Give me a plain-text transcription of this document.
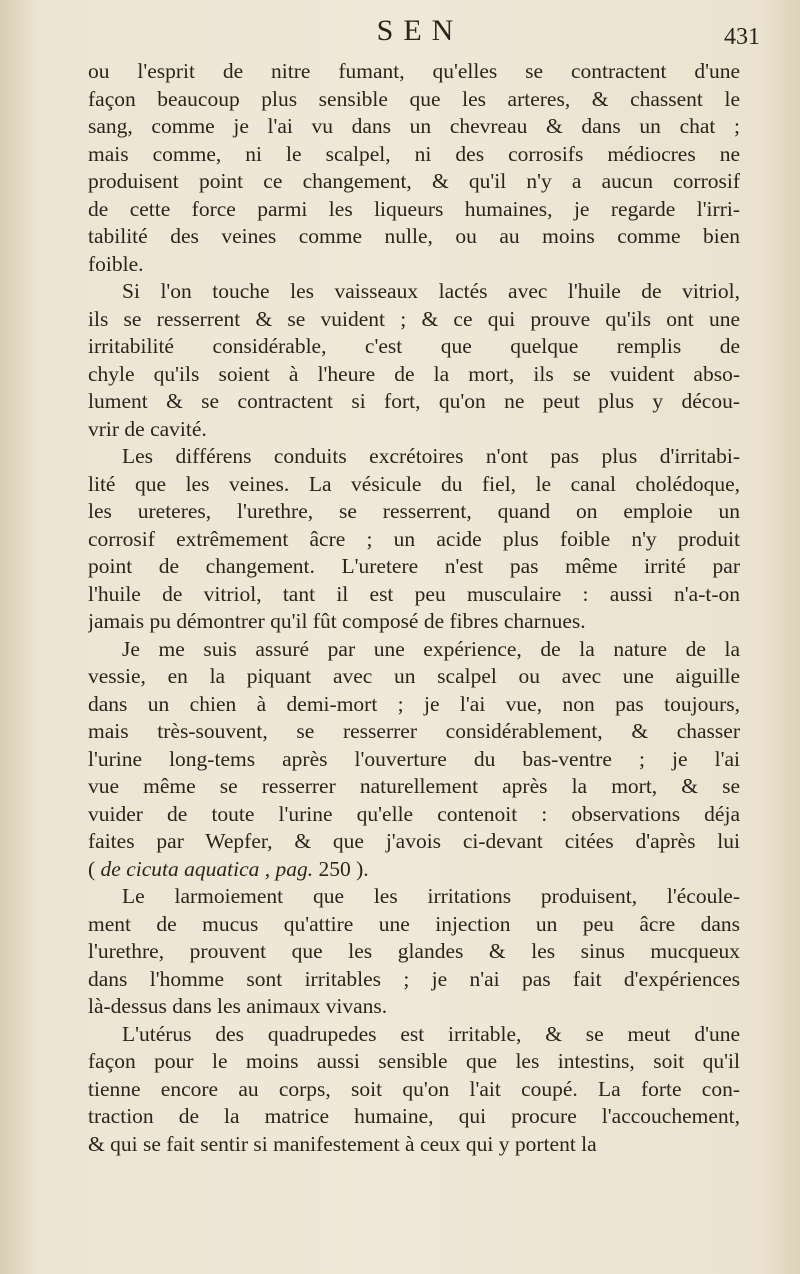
SEN	431
ou l'esprit de nitre fumant, qu'elles se contractent d'une
façon beaucoup plus sensible que les arteres, & chassent le
sang, comme je l'ai vu dans un chevreau & dans un chat ;
mais comme, ni le scalpel, ni des corrosifs médiocres ne
produisent point ce changement, & qu'il n'y a aucun corrosif
de cette force parmi les liqueurs humaines, je regarde l'irri-
tabilité des veines comme nulle, ou au moins comme bien
foible.
Si l'on touche les vaisseaux lactés avec l'huile de vitriol,
ils se resserrent & se vuident ; & ce qui prouve qu'ils ont une
irritabilité considérable, c'est que quelque remplis de
chyle qu'ils soient à l'heure de la mort, ils se vuident abso-
lument & se contractent si fort, qu'on ne peut plus y décou-
vrir de cavité.
Les différens conduits excrétoires n'ont pas plus d'irritabi-
lité que les veines. La vésicule du fiel, le canal cholédoque,
les ureteres, l'urethre, se resserrent, quand on emploie un
corrosif extrêmement âcre ; un acide plus foible n'y produit
point de changement. L'uretere n'est pas même irrité par
l'huile de vitriol, tant il est peu musculaire : aussi n'a-t-on
jamais pu démontrer qu'il fût composé de fibres charnues.
Je me suis assuré par une expérience, de la nature de la
vessie, en la piquant avec un scalpel ou avec une aiguille
dans un chien à demi-mort ; je l'ai vue, non pas toujours,
mais très-souvent, se resserrer considérablement, & chasser
l'urine long-tems après l'ouverture du bas-ventre ; je l'ai
vue même se resserrer naturellement après la mort, & se
vuider de toute l'urine qu'elle contenoit : observations déja
faites par Wepfer, & que j'avois ci-devant citées d'après lui
( de cicuta aquatica , pag. 250 ).
Le larmoiement que les irritations produisent, l'écoule-
ment de mucus qu'attire une injection un peu âcre dans
l'urethre, prouvent que les glandes & les sinus mucqueux
dans l'homme sont irritables ; je n'ai pas fait d'expériences
là-dessus dans les animaux vivans.
L'utérus des quadrupedes est irritable, & se meut d'une
façon pour le moins aussi sensible que les intestins, soit qu'il
tienne encore au corps, soit qu'on l'ait coupé. La forte con-
traction de la matrice humaine, qui procure l'accouchement,
& qui se fait sentir si manifestement à ceux qui y portent la
